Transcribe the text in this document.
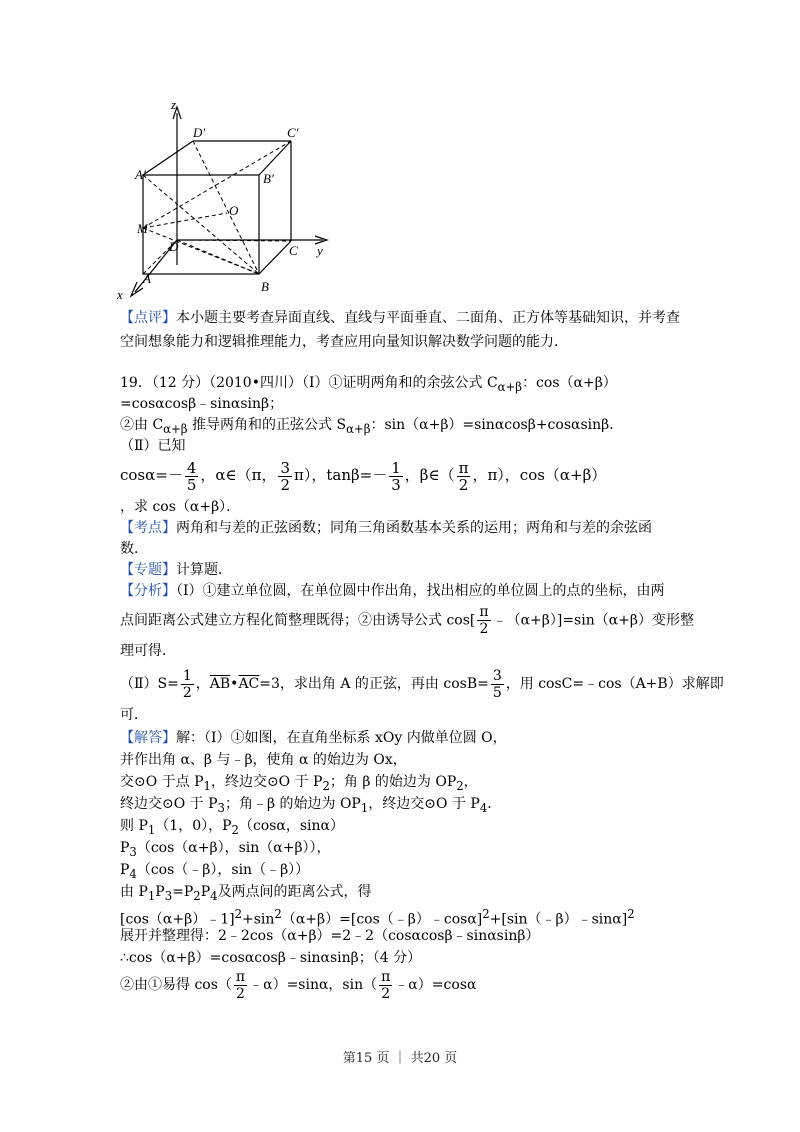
z
y
x
D′	C′
A′	B′
O
M
D	C
A
B
【点评】本小题主要考查异面直线、直线与平面垂直、二面角、正方体等基础知识，并考查
空间想象能力和逻辑推理能力，考查应用向量知识解决数学问题的能力．
19．（12 分）（2010•四川）（Ⅰ）①证明两角和的余弦公式 $C_{\alpha+\beta}$：cos（α+β）
=cosαcosβ﹣sinαsinβ；
②由 $C_{\alpha+\beta}$ 推导两角和的正弦公式 $S_{\alpha+\beta}$：sin（α+β）=sinαcosβ+cosαsinβ．
（Ⅱ）已知
$\cos\alpha=- \frac{4}{5}$ ，α∈（π， $\frac{3}{2} \pi$），$\tan\beta=- \frac{1}{3}$ ，β∈（ $\frac{\pi}{2}$ ，π），cos（α+β）
，求 cos（α+β）．
【考点】两角和与差的正弦函数；同角三角函数基本关系的运用；两角和与差的余弦函
数．
【专题】计算题．
【分析】（Ⅰ）①建立单位圆，在单位圆中作出角，找出相应的单位圆上的点的坐标，由两
点间距离公式建立方程化简整理既得；②由诱导公式 $\cos[ \frac{\pi}{2}$ ﹣（α+β）]=sin（α+β）变形整
理可得．
（Ⅱ）S= $\frac{1}{2}$ ，$\overline{AB}•\overline{AC}=3$，求出角 A 的正弦，再由 $\cos B= \frac{3}{5}$ ，用 cosC=﹣cos（A+B）求解即
可．
【解答】解：（Ⅰ）①如图，在直角坐标系 xOy 内做单位圆 O，
并作出角 α、β 与﹣β，使角 α 的始边为 Ox，
交⊙O 于点 $P_1$，终边交⊙O 于 $P_2$；角 β 的始边为 $OP_2$，
终边交⊙O 于 $P_3$；角﹣β 的始边为 $OP_1$，终边交⊙O 于 $P_4$．
则 $P_1(1$，0），$P_2(\cos\alpha$，sinα）
$P_3(\cos(\alpha+\beta)$，sin（α+β）），
$P_4(\cos(﹣\beta)$，sin（﹣β））
由 $P_1P_3=P_2P_4$及两点间的距离公式，得
$[\cos(\alpha+\beta)﹣1]^2+\sin^2(\alpha+\beta)=[\cos(﹣\beta)﹣\cos\alpha]^2+[\sin(﹣\beta)﹣\sin\alpha]^2$
展开并整理得：2﹣2cos（α+β）=2﹣2（cosαcosβ﹣sinαsinβ）
∴cos（α+β）=cosαcosβ﹣sinαsinβ；（4 分）
②由①易得 $\cos( \frac{\pi}{2}$ ﹣α）=sinα，$\sin( \frac{\pi}{2}$ ﹣α）=cosα
第15 页 ｜ 共20 页
